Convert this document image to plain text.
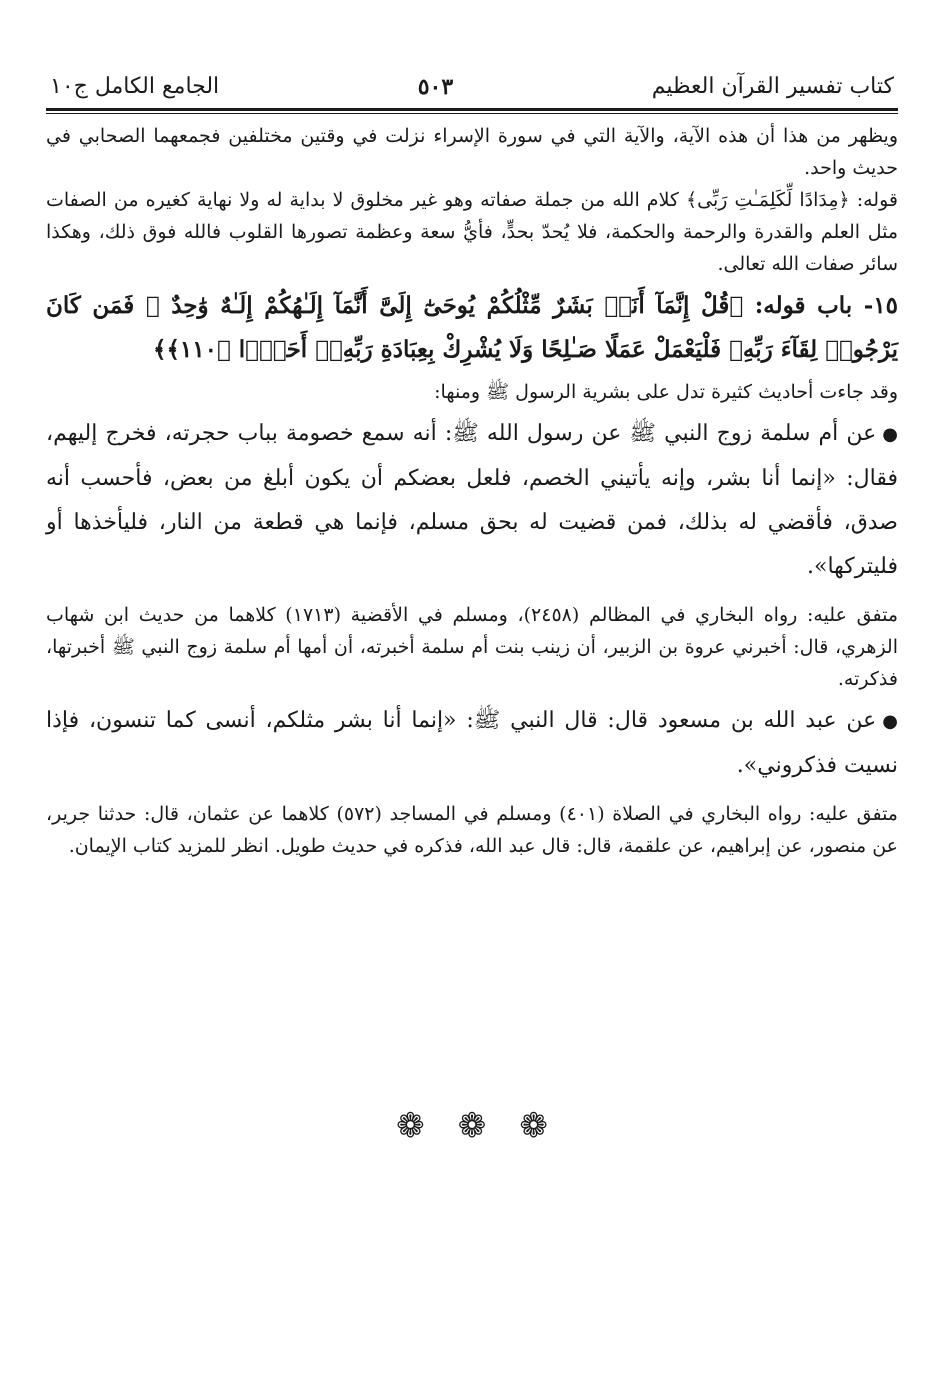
كتاب تفسير القرآن العظيم
٥٠٣
الجامع الكامل ج١٠

ويظهر من هذا أن هذه الآية، والآية التي في سورة الإسراء نزلت في وقتين مختلفين فجمعهما الصحابي في حديث واحد.

قوله: ﴿مِدَادًا لِّكَلِمَـٰتِ رَبِّى﴾ كلام الله من جملة صفاته وهو غير مخلوق لا بداية له ولا نهاية كغيره من الصفات مثل العلم والقدرة والرحمة والحكمة، فلا يُحدّ بحدٍّ، فأيُّ سعة وعظمة تصورها القلوب فالله فوق ذلك، وهكذا سائر صفات الله تعالى.

١٥- باب قوله: ﴿قُلْ إِنَّمَآ أَنَا۠ بَشَرٌ مِّثْلُكُمْ يُوحَىٰٓ إِلَىَّ أَنَّمَآ إِلَـٰهُكُمْ إِلَـٰهٌ وَٰحِدٌ ۖ فَمَن كَانَ يَرْجُوا۟ لِقَآءَ رَبِّهِۦ فَلْيَعْمَلْ عَمَلًا صَـٰلِحًا وَلَا يُشْرِكْ بِعِبَادَةِ رَبِّهِۦٓ أَحَدًۢا ﴿١١٠﴾﴾

وقد جاءت أحاديث كثيرة تدل على بشرية الرسول ﷺ ومنها:

●عن أم سلمة زوج النبي ﷺ عن رسول الله ﷺ: أنه سمع خصومة بباب حجرته، فخرج إليهم، فقال: «إنما أنا بشر، وإنه يأتيني الخصم، فلعل بعضكم أن يكون أبلغ من بعض، فأحسب أنه صدق، فأقضي له بذلك، فمن قضيت له بحق مسلم، فإنما هي قطعة من النار، فليأخذها أو فليتركها».

متفق عليه: رواه البخاري في المظالم (٢٤٥٨)، ومسلم في الأقضية (١٧١٣) كلاهما من حديث ابن شهاب الزهري، قال: أخبرني عروة بن الزبير، أن زينب بنت أم سلمة أخبرته، أن أمها أم سلمة زوج النبي ﷺ أخبرتها، فذكرته.

●عن عبد الله بن مسعود قال: قال النبي ﷺ: «إنما أنا بشر مثلكم، أنسى كما تنسون، فإذا نسيت فذكروني».

متفق عليه: رواه البخاري في الصلاة (٤٠١) ومسلم في المساجد (٥٧٢) كلاهما عن عثمان، قال: حدثنا جرير، عن منصور، عن إبراهيم، عن علقمة، قال: قال عبد الله، فذكره في حديث طويل. انظر للمزيد كتاب الإيمان.

❁ ❁ ❁
